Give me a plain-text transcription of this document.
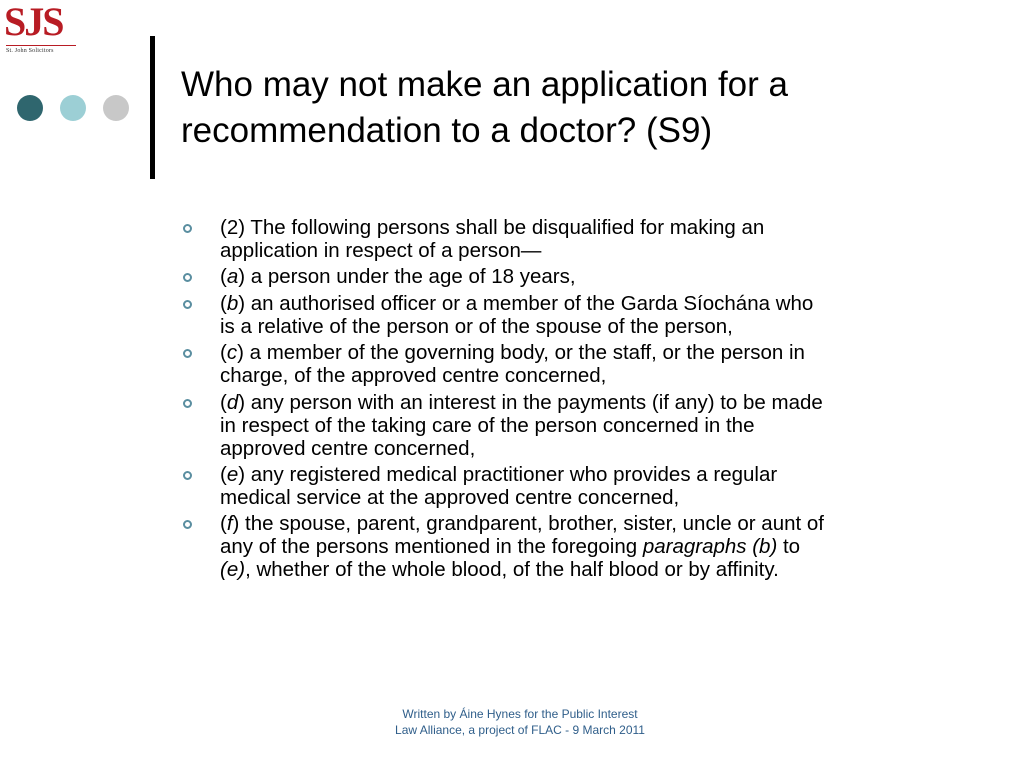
SJS
St. John Solicitors
Who may not make an application for a
recommendation to a doctor? (S9)
(2) The following persons shall be disqualified for making an
application in respect of a person—
(a) a person under the age of 18 years,
(b) an authorised officer or a member of the Garda Síochána who
is a relative of the person or of the spouse of the person,
(c) a member of the governing body, or the staff, or the person in
charge, of the approved centre concerned,
(d) any person with an interest in the payments (if any) to be made
in respect of the taking care of the person concerned in the
approved centre concerned,
(e) any registered medical practitioner who provides a regular
medical service at the approved centre concerned,
(f) the spouse, parent, grandparent, brother, sister, uncle or aunt of
any of the persons mentioned in the foregoing paragraphs (b) to
(e), whether of the whole blood, of the half blood or by affinity.
Written by Áine Hynes for the Public Interest
Law Alliance, a project of FLAC - 9 March 2011
